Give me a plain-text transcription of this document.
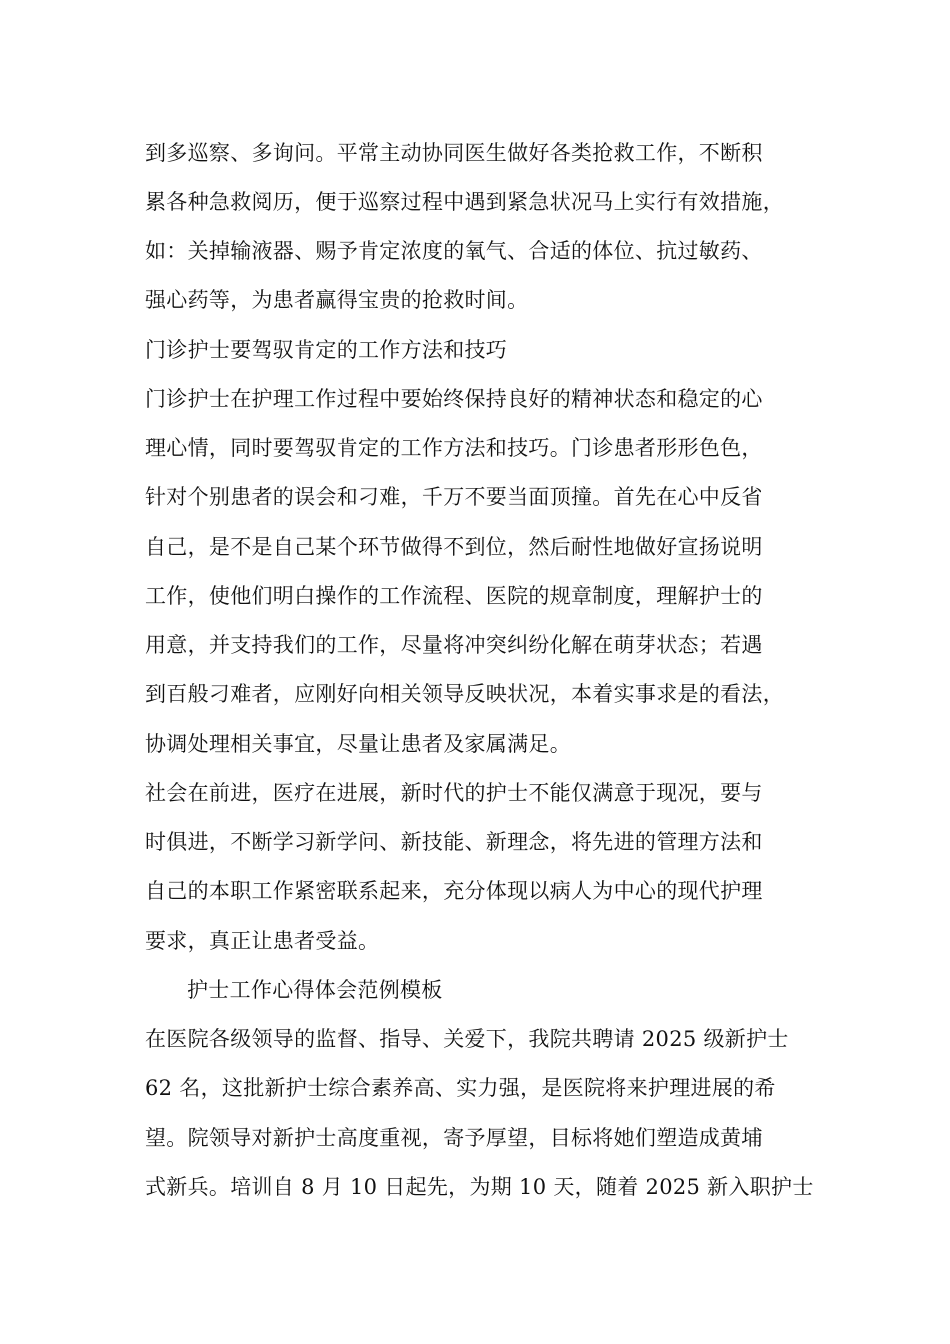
到多巡察、多询问。平常主动协同医生做好各类抢救工作，不断积
累各种急救阅历，便于巡察过程中遇到紧急状况马上实行有效措施，
如：关掉输液器、赐予肯定浓度的氧气、合适的体位、抗过敏药、
强心药等，为患者赢得宝贵的抢救时间。
门诊护士要驾驭肯定的工作方法和技巧
门诊护士在护理工作过程中要始终保持良好的精神状态和稳定的心
理心情，同时要驾驭肯定的工作方法和技巧。门诊患者形形色色，
针对个别患者的误会和刁难，千万不要当面顶撞。首先在心中反省
自己，是不是自己某个环节做得不到位，然后耐性地做好宣扬说明
工作，使他们明白操作的工作流程、医院的规章制度，理解护士的
用意，并支持我们的工作，尽量将冲突纠纷化解在萌芽状态；若遇
到百般刁难者，应刚好向相关领导反映状况，本着实事求是的看法，
协调处理相关事宜，尽量让患者及家属满足。
社会在前进，医疗在进展，新时代的护士不能仅满意于现况，要与
时俱进，不断学习新学问、新技能、新理念，将先进的管理方法和
自己的本职工作紧密联系起来，充分体现以病人为中心的现代护理
要求，真正让患者受益。
护士工作心得体会范例模板
在医院各级领导的监督、指导、关爱下，我院共聘请 2025 级新护士
62 名，这批新护士综合素养高、实力强，是医院将来护理进展的希
望。院领导对新护士高度重视，寄予厚望，目标将她们塑造成黄埔
式新兵。培训自 8 月 10 日起先，为期 10 天，随着 2025 新入职护士
